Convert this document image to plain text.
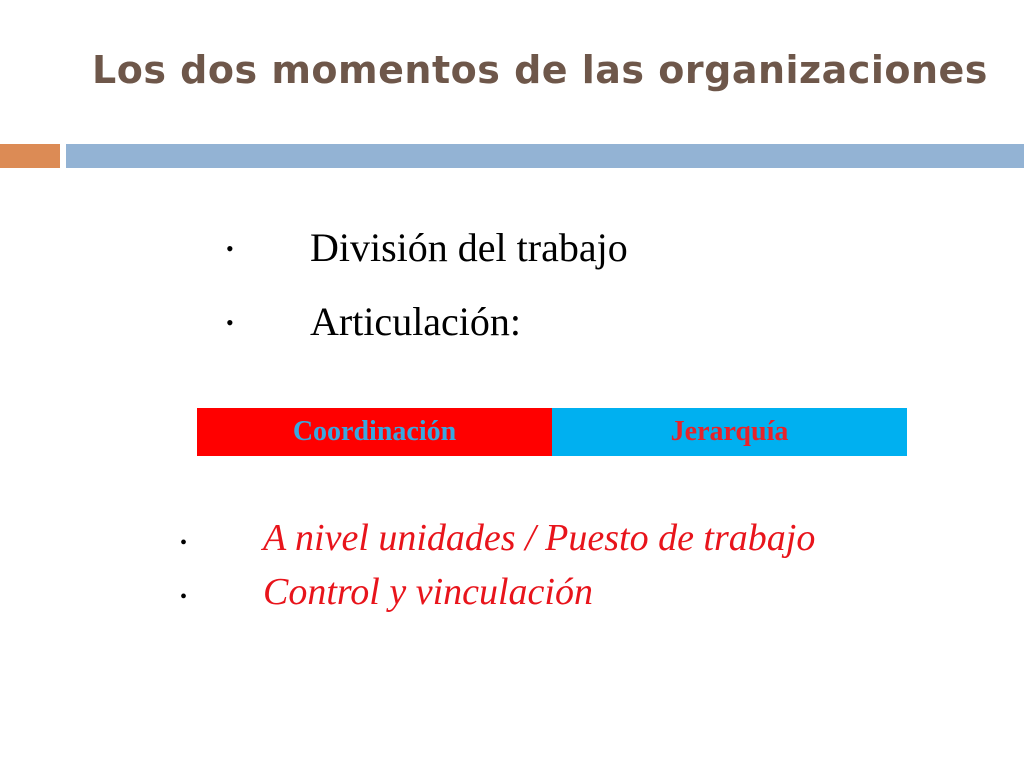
Los dos momentos de las organizaciones
•	División del trabajo
•	Articulación:
Coordinación	Jerarquía
•	A nivel unidades / Puesto de trabajo
•	Control y vinculación
